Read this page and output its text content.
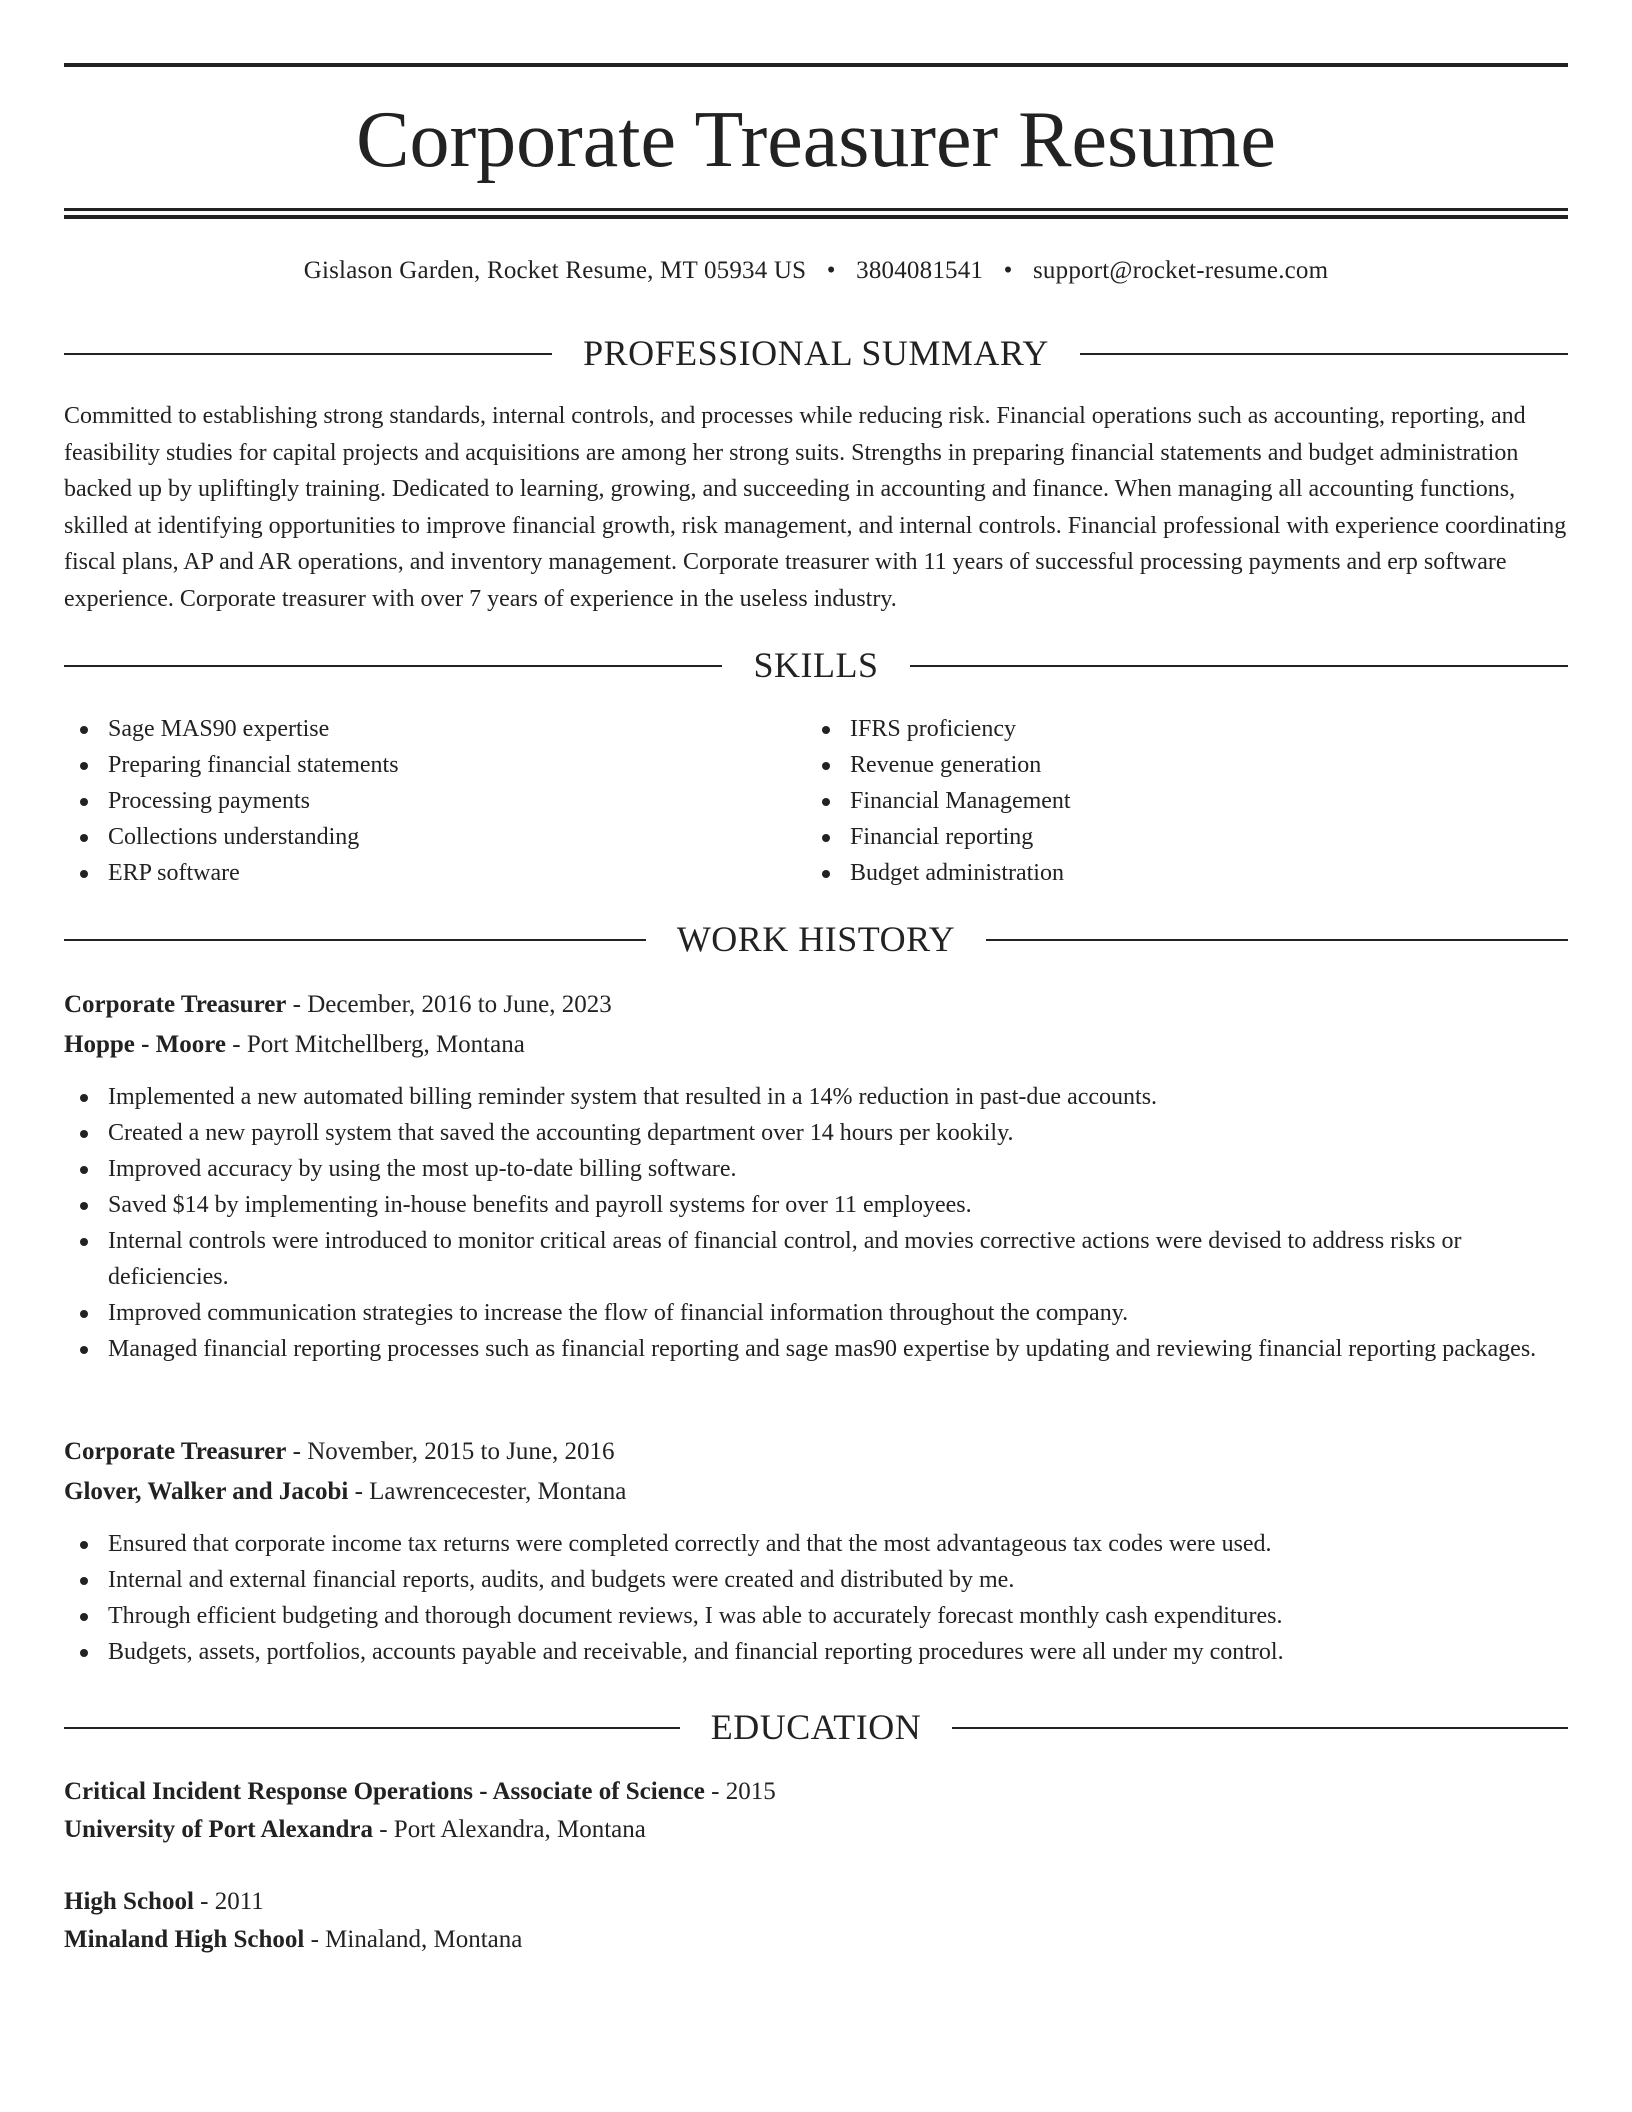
Corporate Treasurer Resume
Gislason Garden, Rocket Resume, MT 05934 US • 3804081541 • support@rocket-resume.com
PROFESSIONAL SUMMARY

Committed to establishing strong standards, internal controls, and processes while reducing risk. Financial operations such as accounting, reporting, and feasibility studies for capital projects and acquisitions are among her strong suits. Strengths in preparing financial statements and budget administration backed up by upliftingly training. Dedicated to learning, growing, and succeeding in accounting and finance. When managing all accounting functions, skilled at identifying opportunities to improve financial growth, risk management, and internal controls. Financial professional with experience coordinating fiscal plans, AP and AR operations, and inventory management. Corporate treasurer with 11 years of successful processing payments and erp software experience. Corporate treasurer with over 7 years of experience in the useless industry.

SKILLS
Sage MAS90 expertise
Preparing financial statements
Processing payments
Collections understanding
ERP software
IFRS proficiency
Revenue generation
Financial Management
Financial reporting
Budget administration
WORK HISTORY
Corporate Treasurer - December, 2016 to June, 2023
Hoppe - Moore - Port Mitchellberg, Montana
Implemented a new automated billing reminder system that resulted in a 14% reduction in past-due accounts.
Created a new payroll system that saved the accounting department over 14 hours per kookily.
Improved accuracy by using the most up-to-date billing software.
Saved $14 by implementing in-house benefits and payroll systems for over 11 employees.
Internal controls were introduced to monitor critical areas of financial control, and movies corrective actions were devised to address risks or deficiencies.
Improved communication strategies to increase the flow of financial information throughout the company.
Managed financial reporting processes such as financial reporting and sage mas90 expertise by updating and reviewing financial reporting packages.
Corporate Treasurer - November, 2015 to June, 2016
Glover, Walker and Jacobi - Lawrencecester, Montana
Ensured that corporate income tax returns were completed correctly and that the most advantageous tax codes were used.
Internal and external financial reports, audits, and budgets were created and distributed by me.
Through efficient budgeting and thorough document reviews, I was able to accurately forecast monthly cash expenditures.
Budgets, assets, portfolios, accounts payable and receivable, and financial reporting procedures were all under my control.
EDUCATION
Critical Incident Response Operations - Associate of Science - 2015
University of Port Alexandra - Port Alexandra, Montana
High School - 2011
Minaland High School - Minaland, Montana
